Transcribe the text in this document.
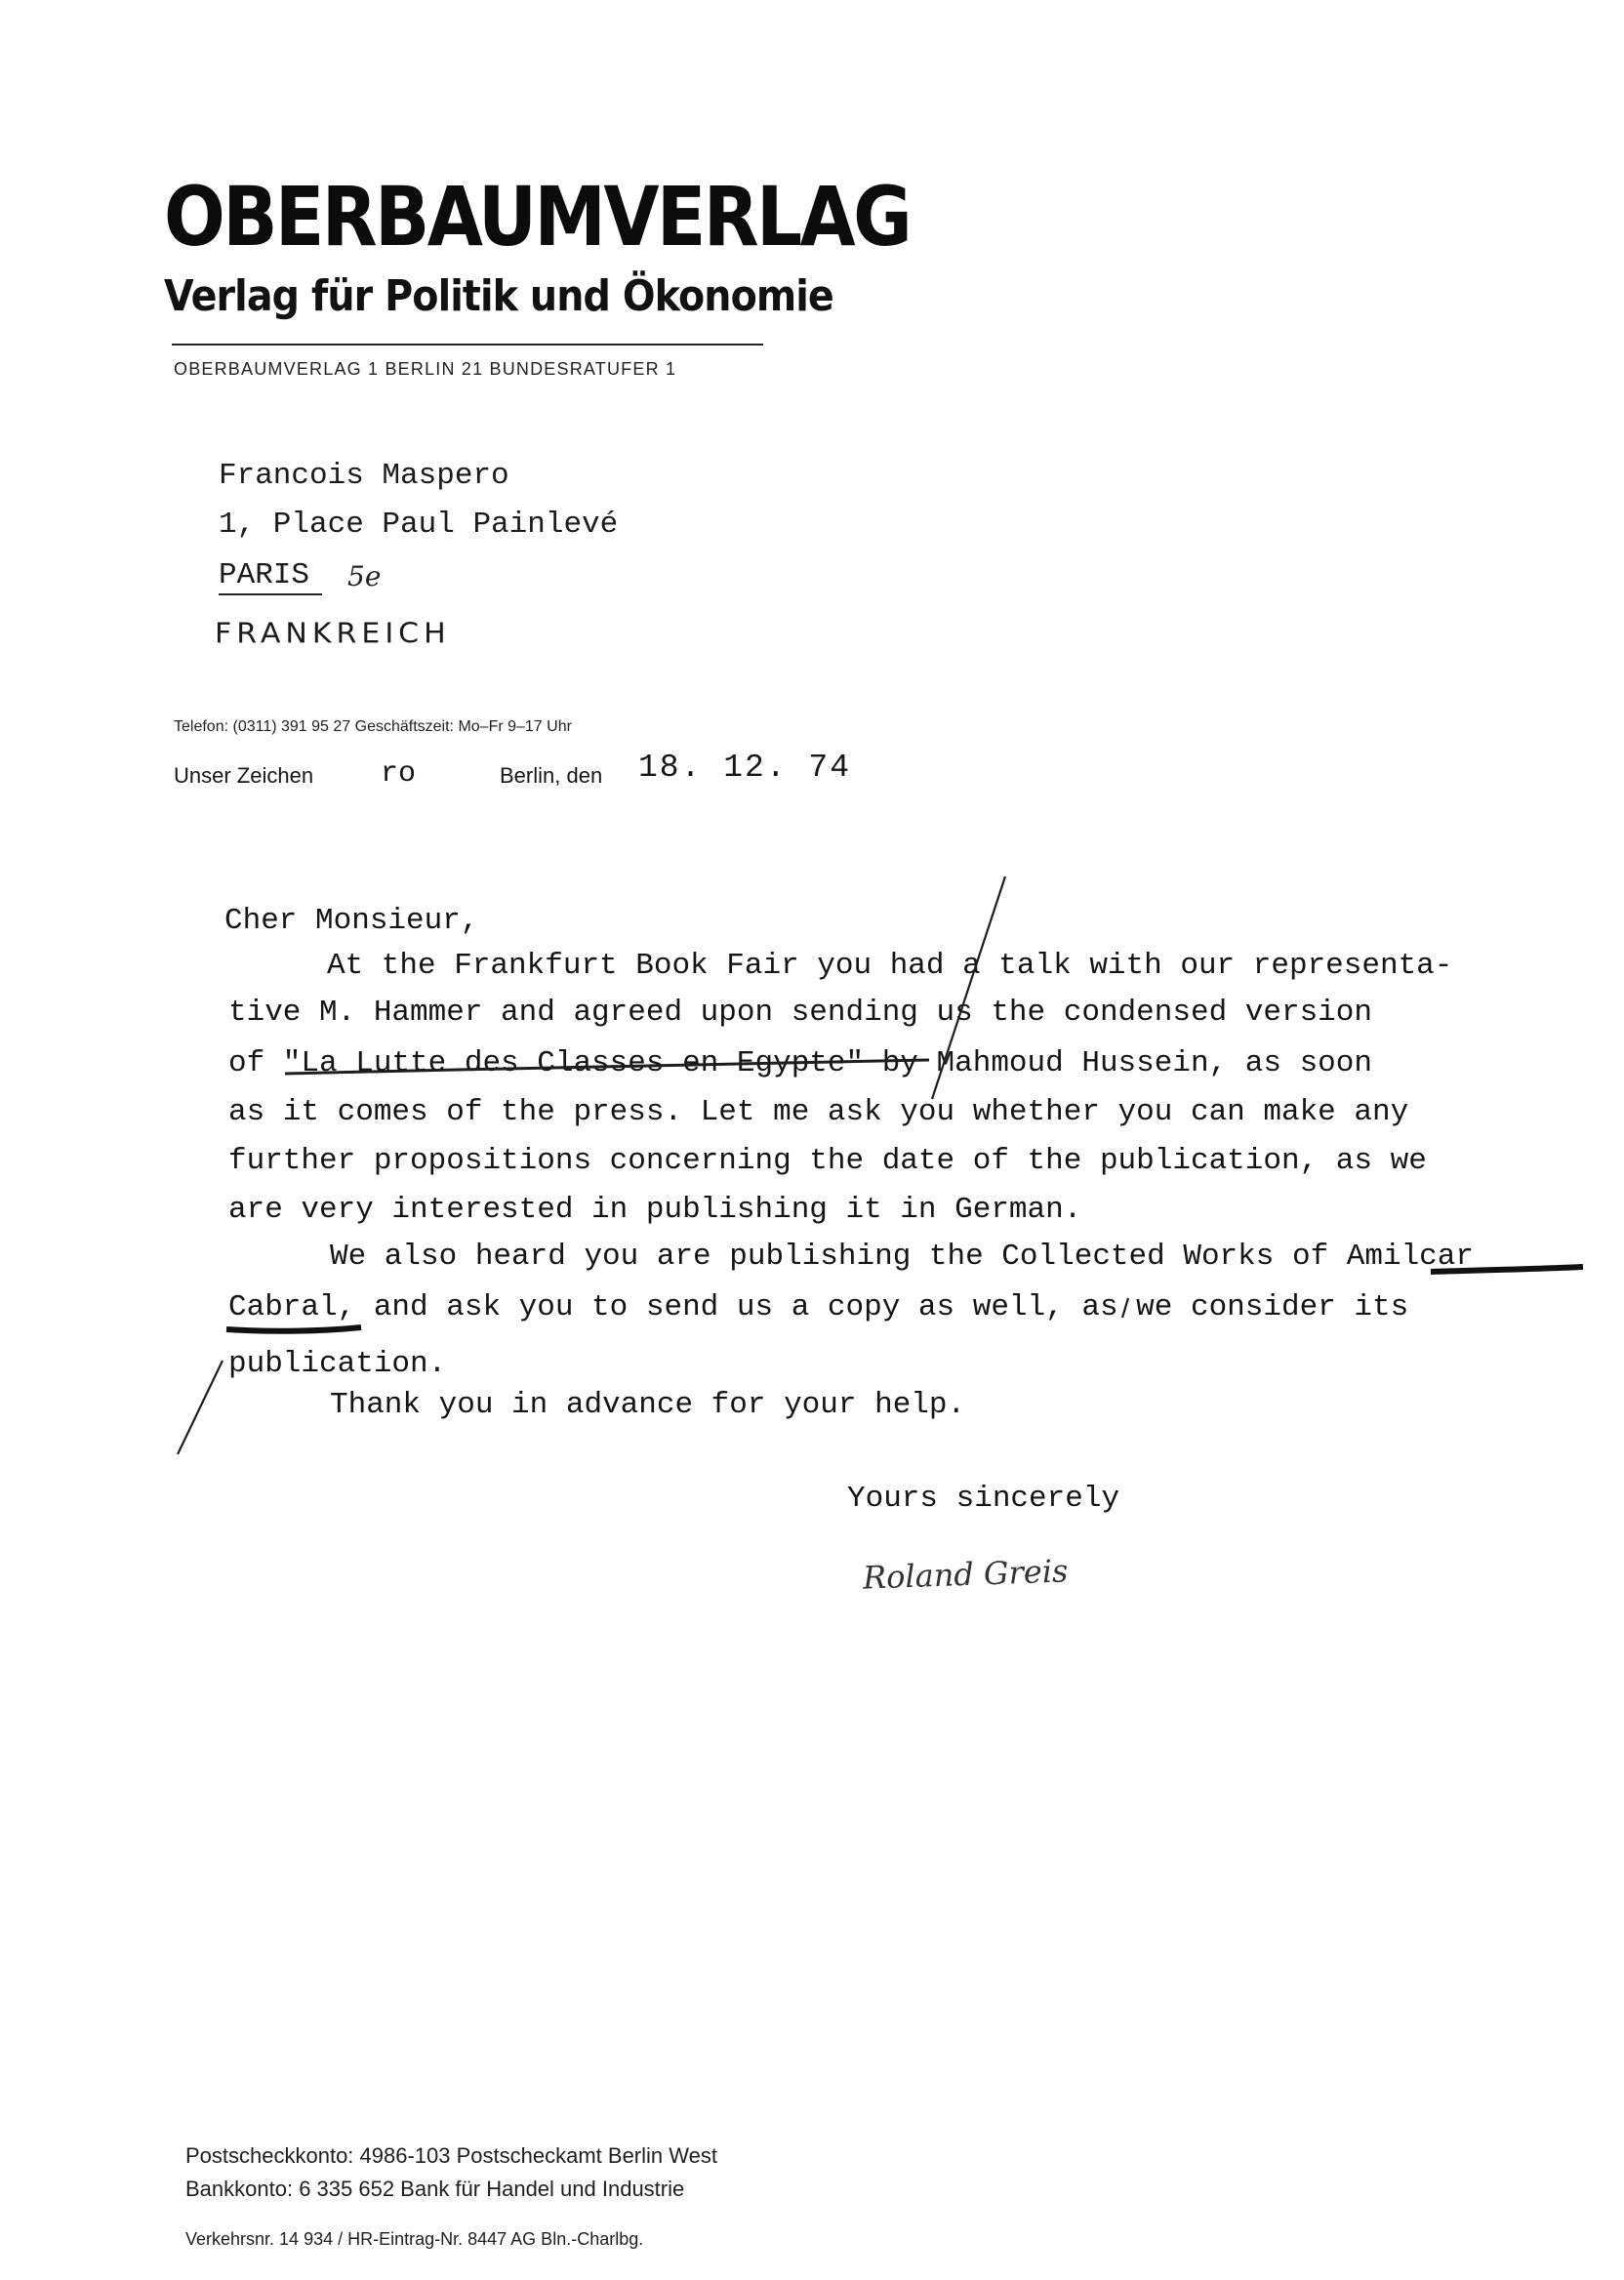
OBERBAUMVERLAG
Verlag für Politik und Ökonomie
OBERBAUMVERLAG 1 BERLIN 21 BUNDESRATUFER 1
Francois Maspero
1, Place Paul Painlevé
PARIS 5e
FRANKREICH
Telefon: (0311) 391 95 27 Geschäftszeit: Mo–Fr 9–17 Uhr
Unser Zeichen ro	Berlin, den 18. 12. 74
Cher Monsieur,
At the Frankfurt Book Fair you had a talk with our representa-
tive M. Hammer and agreed upon sending us the condensed version
of "La Lutte des Classes en Egypte" by Mahmoud Hussein, as soon
as it comes of the press. Let me ask you whether you can make any
further propositions concerning the date of the publication, as we
are very interested in publishing it in German.
We also heard you are publishing the Collected Works of Amilcar
Cabral, and ask you to send us a copy as well, as we consider its
publication.
Thank you in advance for your help.
Yours sincerely
Roland Greis
Postscheckkonto: 4986-103 Postscheckamt Berlin West
Bankkonto: 6 335 652 Bank für Handel und Industrie
Verkehrsnr. 14 934 / HR-Eintrag-Nr. 8447 AG Bln.-Charlbg.
